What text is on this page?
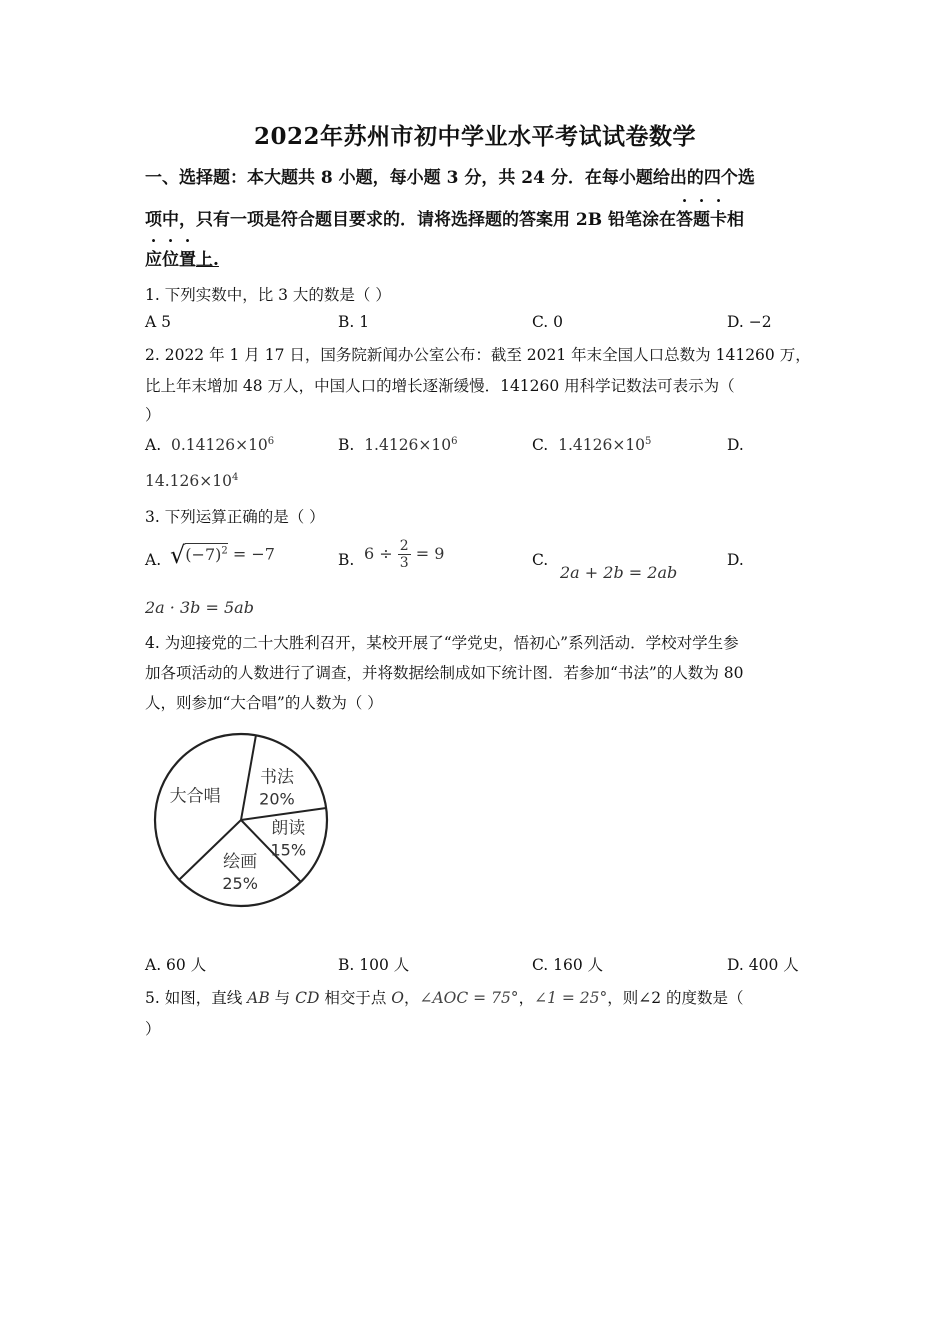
2022年苏州市初中学业水平考试试卷数学
一、选择题：本大题共 8 小题，每小题 3 分，共 24 分．在每小题给出的四个选
项中，只有一项是符合题目要求的．请将选择题的答案用 2B 铅笔涂在答题卡相
应位置上.
1. 下列实数中，比 3 大的数是（ ）
A 5	B. 1	C. 0	D. −2
2. 2022 年 1 月 17 日，国务院新闻办公室公布：截至 2021 年末全国人口总数为 141260 万，
比上年末增加 48 万人，中国人口的增长逐渐缓慢．141260 用科学记数法可表示为（
）
A. $0.14126\times 10^6$	B. $1.4126\times 10^6$	C. $1.4126\times 10^5$	D.
$14.126\times 10^4$
3. 下列运算正确的是（ ）
A. $√(-7)^2 = -7$	B. $6 \div \frac{2}{3} = 9$	C.
2a + 2b = 2ab
D.
2a · 3b = 5ab
4. 为迎接党的二十大胜利召开，某校开展了“学党史，悟初心”系列活动．学校对学生参
加各项活动的人数进行了调查，并将数据绘制成如下统计图．若参加“书法”的人数为 80
人，则参加“大合唱”的人数为（ ）
书法
20%
朗读
15%
绘画
25%
大合唱
A. 60 人	B. 100 人	C. 160 人	D. 400 人
5. 如图，直线 AB 与 CD 相交于点 O，∠AOC = 75°，∠1 = 25°，则∠2 的度数是（
）
